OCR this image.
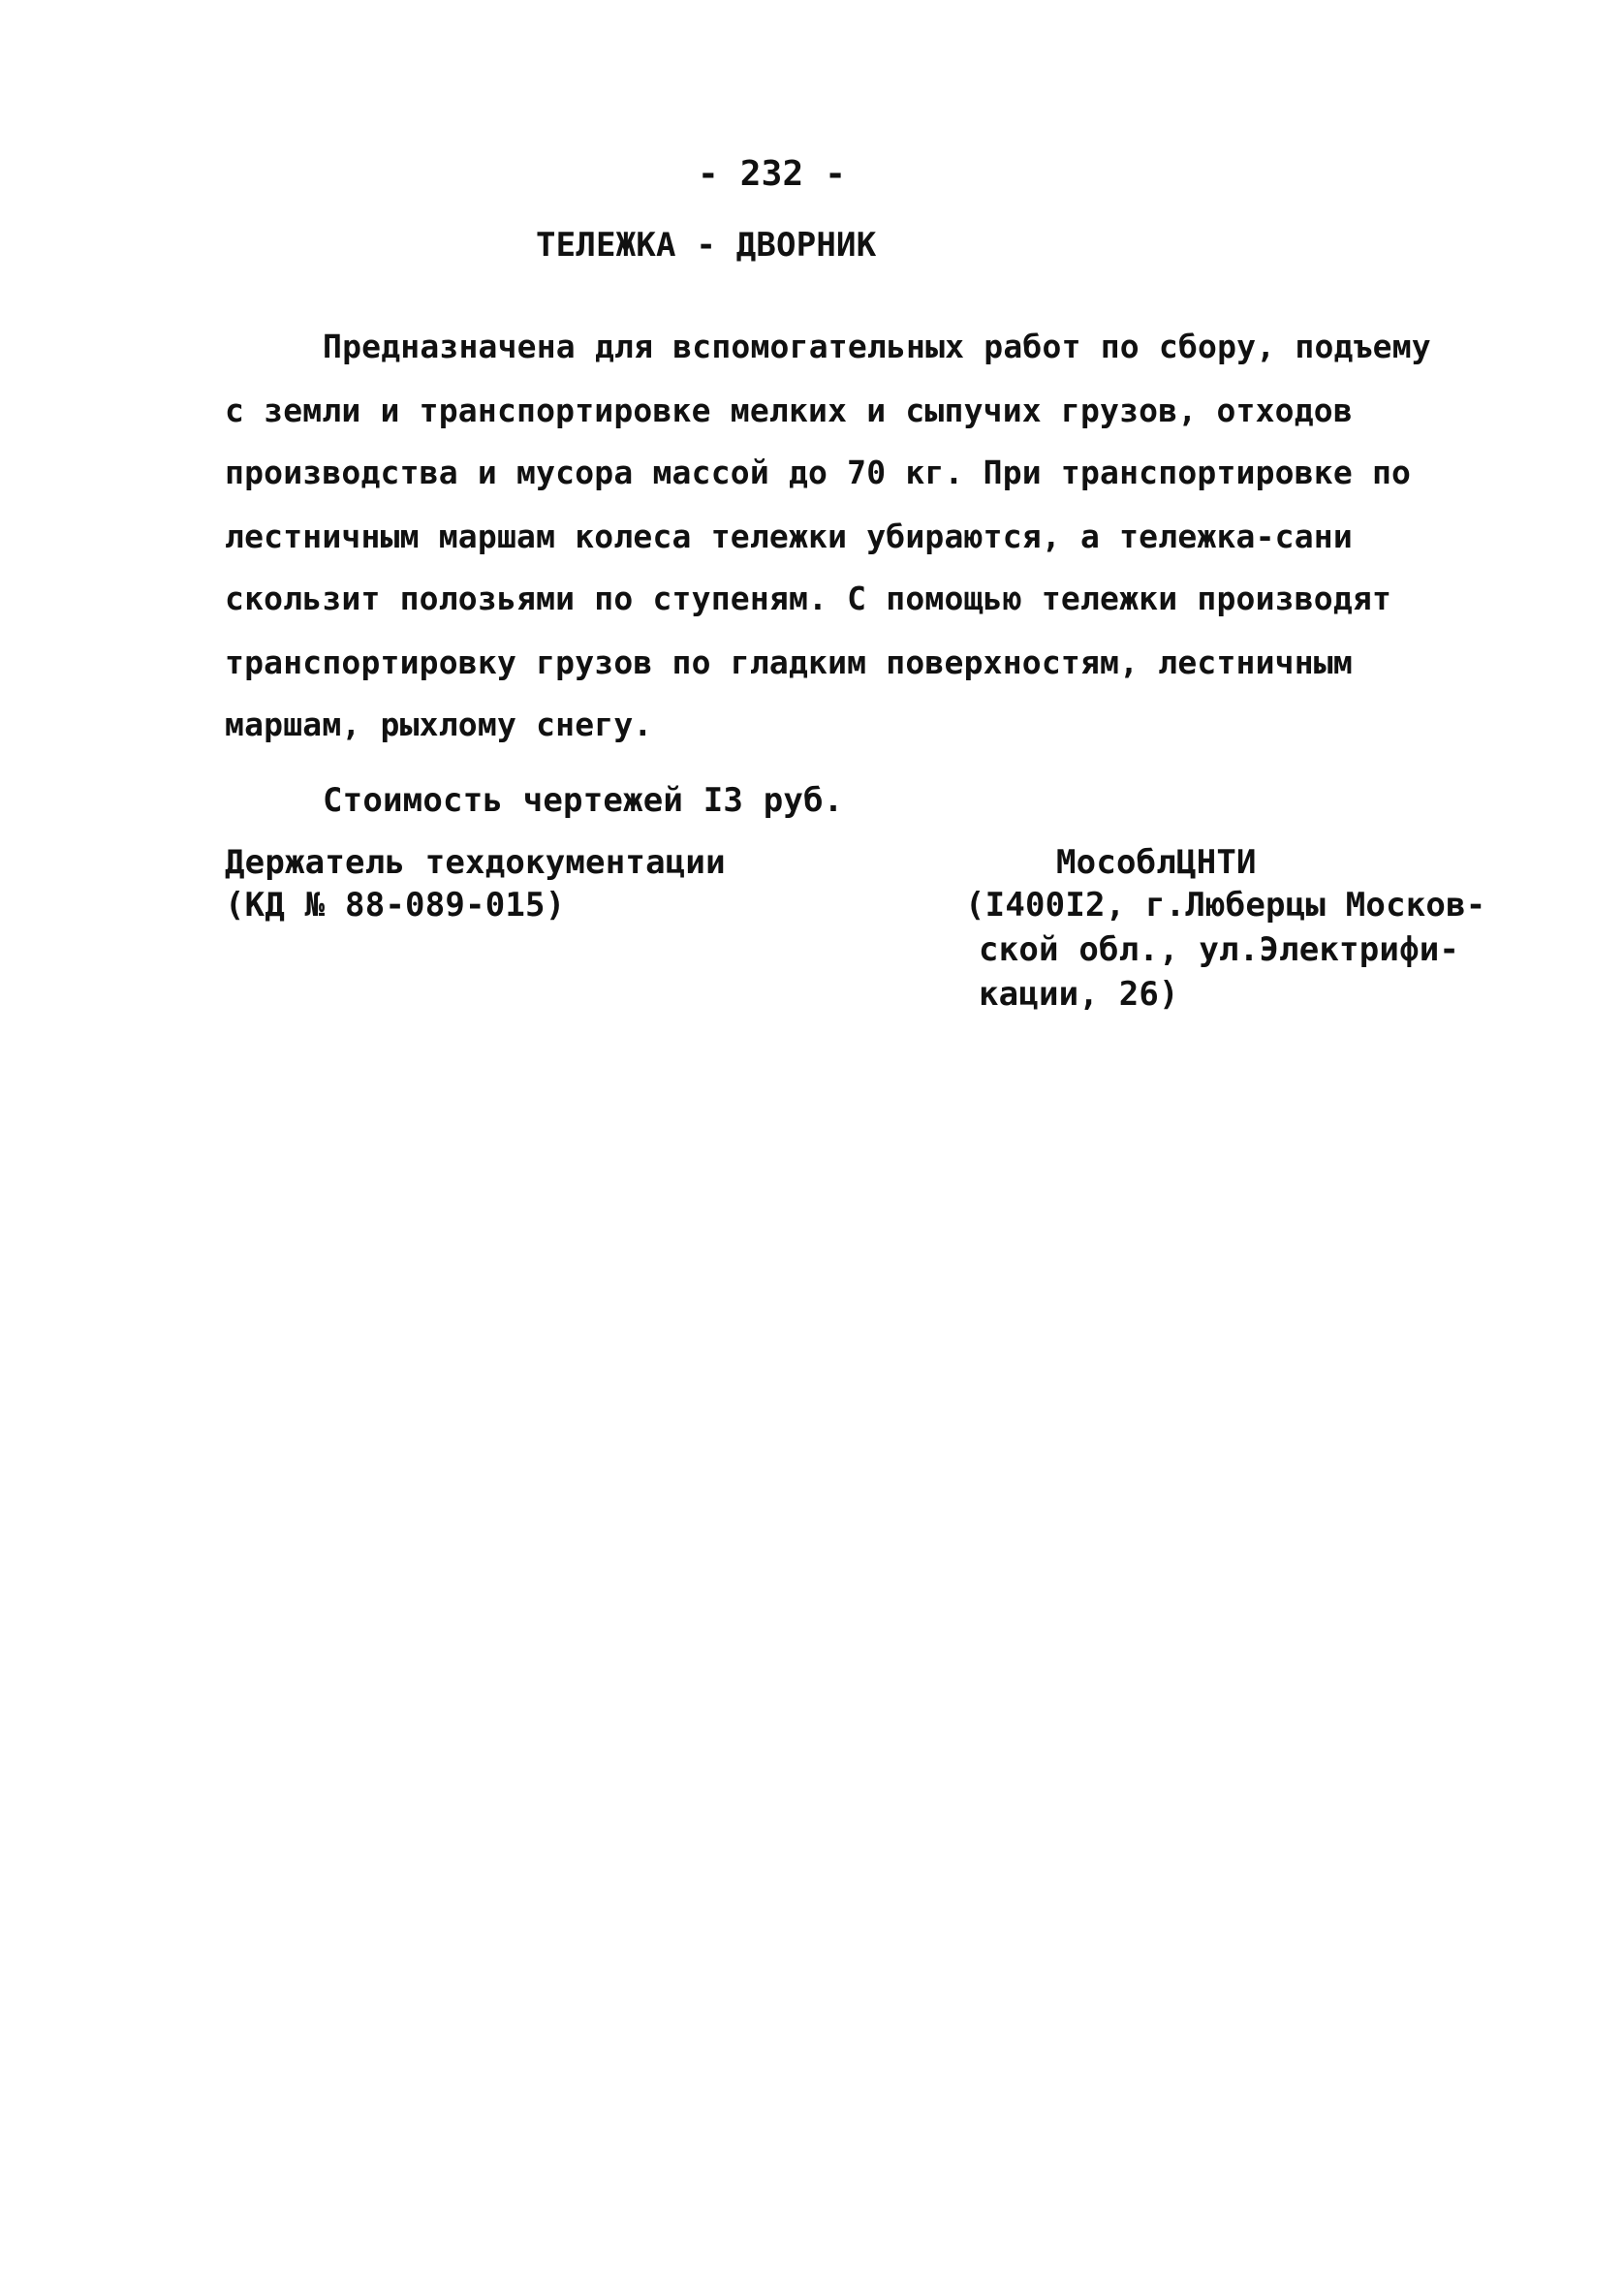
- 232 -
ТЕЛЕЖКА - ДВОРНИК
Предназначена для вспомогательных работ по сбору, подъему
с земли и транспортировке мелких и сыпучих грузов, отходов
производства и мусора массой до 70 кг. При транспортировке по
лестничным маршам колеса тележки убираются, а тележка-сани
скользит полозьями по ступеням. С помощью тележки производят
транспортировку грузов по гладким поверхностям, лестничным
маршам, рыхлому снегу.
Стоимость чертежей I3 руб.
Держатель техдокументации
(КД № 88-089-015)
МособлЦНТИ
(I400I2, г.Люберцы Москов-
ской обл., ул.Электрифи-
кации, 26)
